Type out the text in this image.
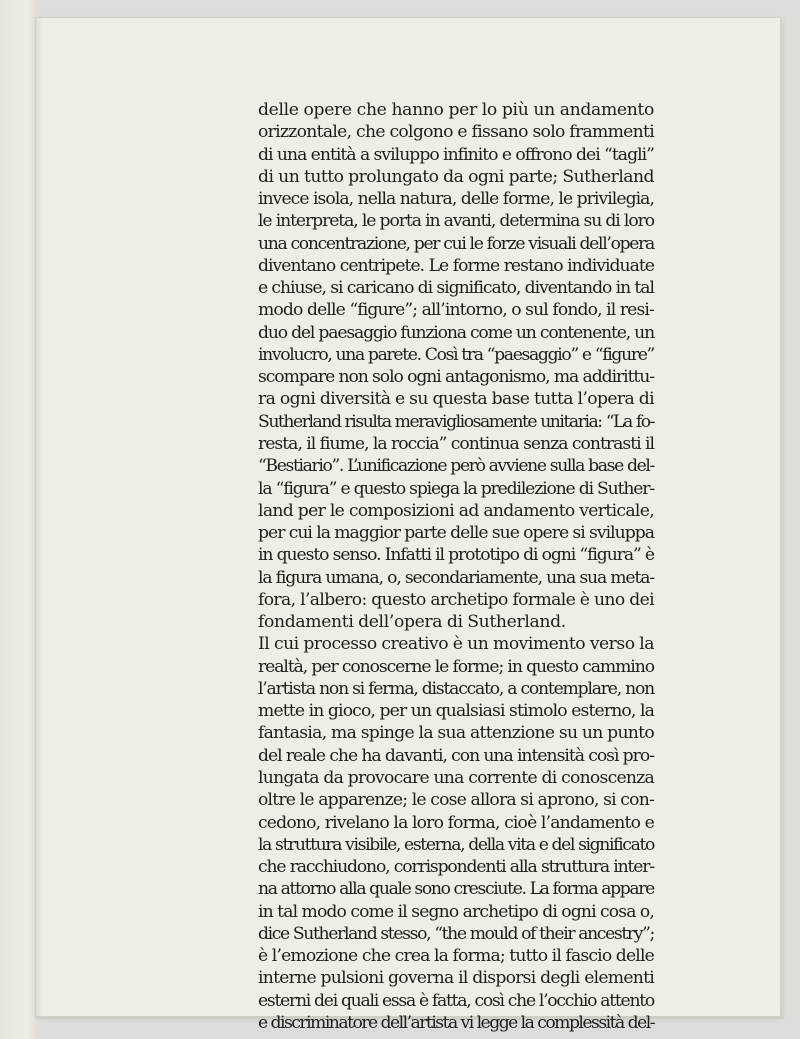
delle opere che hanno per lo più un andamento
orizzontale, che colgono e fissano solo frammenti
di una entità a sviluppo infinito e offrono dei “tagli”
di un tutto prolungato da ogni parte; Sutherland
invece isola, nella natura, delle forme, le privilegia,
le interpreta, le porta in avanti, determina su di loro
una concentrazione, per cui le forze visuali dell’opera
diventano centripete. Le forme restano individuate
e chiuse, si caricano di significato, diventando in tal
modo delle “figure”; all’intorno, o sul fondo, il resi-
duo del paesaggio funziona come un contenente, un
involucro, una parete. Così tra “paesaggio” e “figure”
scompare non solo ogni antagonismo, ma addirittu-
ra ogni diversità e su questa base tutta l’opera di
Sutherland risulta meravigliosamente unitaria: “La fo-
resta, il fiume, la roccia” continua senza contrasti il
“Bestiario”. L’unificazione però avviene sulla base del-
la “figura” e questo spiega la predilezione di Suther-
land per le composizioni ad andamento verticale,
per cui la maggior parte delle sue opere si sviluppa
in questo senso. Infatti il prototipo di ogni “figura” è
la figura umana, o, secondariamente, una sua meta-
fora, l’albero: questo archetipo formale è uno dei
fondamenti dell’opera di Sutherland.
Il cui processo creativo è un movimento verso la
realtà, per conoscerne le forme; in questo cammino
l’artista non si ferma, distaccato, a contemplare, non
mette in gioco, per un qualsiasi stimolo esterno, la
fantasia, ma spinge la sua attenzione su un punto
del reale che ha davanti, con una intensità così pro-
lungata da provocare una corrente di conoscenza
oltre le apparenze; le cose allora si aprono, si con-
cedono, rivelano la loro forma, cioè l’andamento e
la struttura visibile, esterna, della vita e del significato
che racchiudono, corrispondenti alla struttura inter-
na attorno alla quale sono cresciute. La forma appare
in tal modo come il segno archetipo di ogni cosa o,
dice Sutherland stesso, “the mould of their ancestry”;
è l’emozione che crea la forma; tutto il fascio delle
interne pulsioni governa il disporsi degli elementi
esterni dei quali essa è fatta, così che l’occhio attento
e discriminatore dell’artista vi legge la complessità del-
